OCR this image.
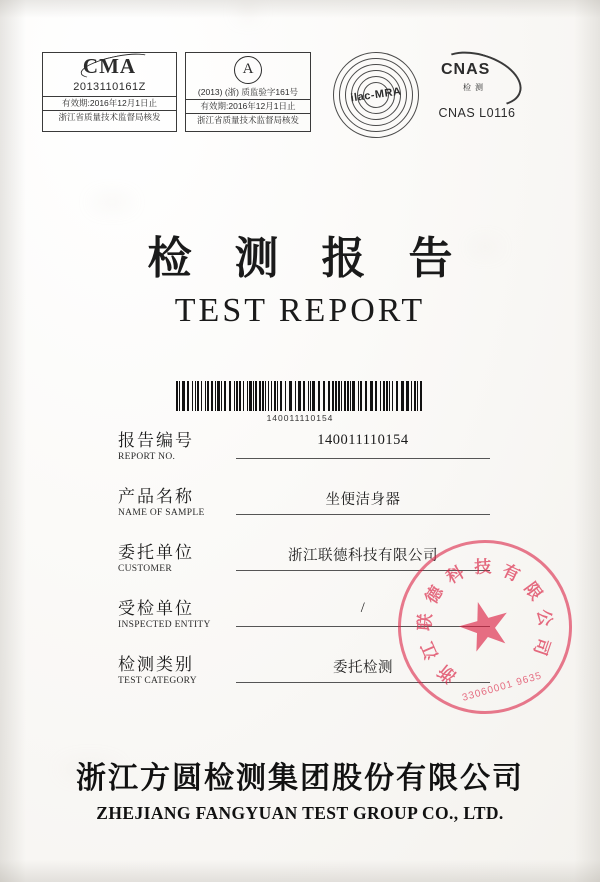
CMA
2013110161Z
有效期:2016年12月1日止
浙江省质量技术监督局核发
A
(2013) (浙) 质监验字161号
有效期:2016年12月1日止
浙江省质量技术监督局核发
ilac-MRA
CNAS
检 测
CNAS L0116
检 测 报 告
TEST REPORT
140011110154
报告编号
REPORT NO.
140011110154
产品名称
NAME OF SAMPLE
坐便洁身器
委托单位
CUSTOMER
浙江联德科技有限公司
受检单位
INSPECTED ENTITY
/
检测类别
TEST CATEGORY
委托检测	浙
江
联
德
科 技 有
限
公
司
33060001 9635
浙江方圆检测集团股份有限公司
ZHEJIANG FANGYUAN TEST GROUP CO., LTD.
